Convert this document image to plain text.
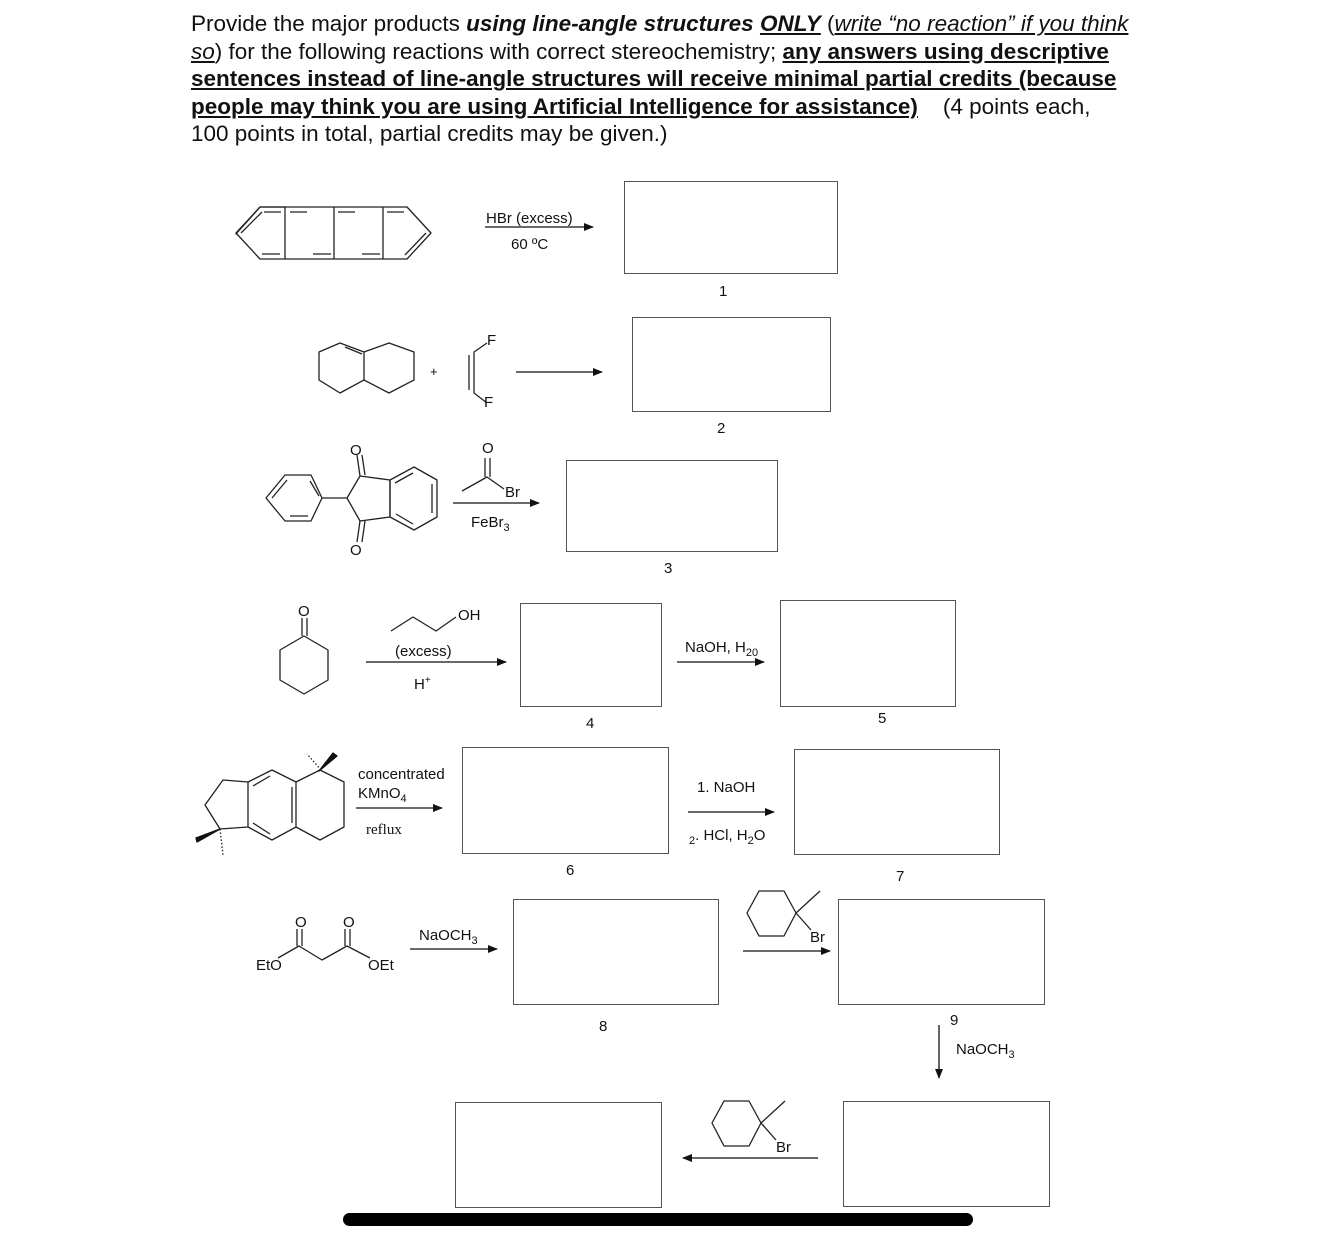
Provide the major products using line-angle structures ONLY (write “no reaction” if you think so) for the following reactions with correct stereochemistry; any answers using descriptive sentences instead of line-angle structures will receive minimal partial credits (because people may think you are using Artificial Intelligence for assistance)    (4 points each, 100 points in total, partial credits may be given.)
HBr (excess)
60 ºC
1
+
F
F
2
O
O
O
Br
FeBr$_3$
3
O	OH
(excess)
H+
4
NaOH, $H_{20}$
5
concentrated
KMnO$_4$
reflux
6
1. NaOH
$_2$. HCl, $H_2O$
7
O O
EtO	OEt
NaOCH$_3$
8
Br
9
NaOCH$_3$
Br
